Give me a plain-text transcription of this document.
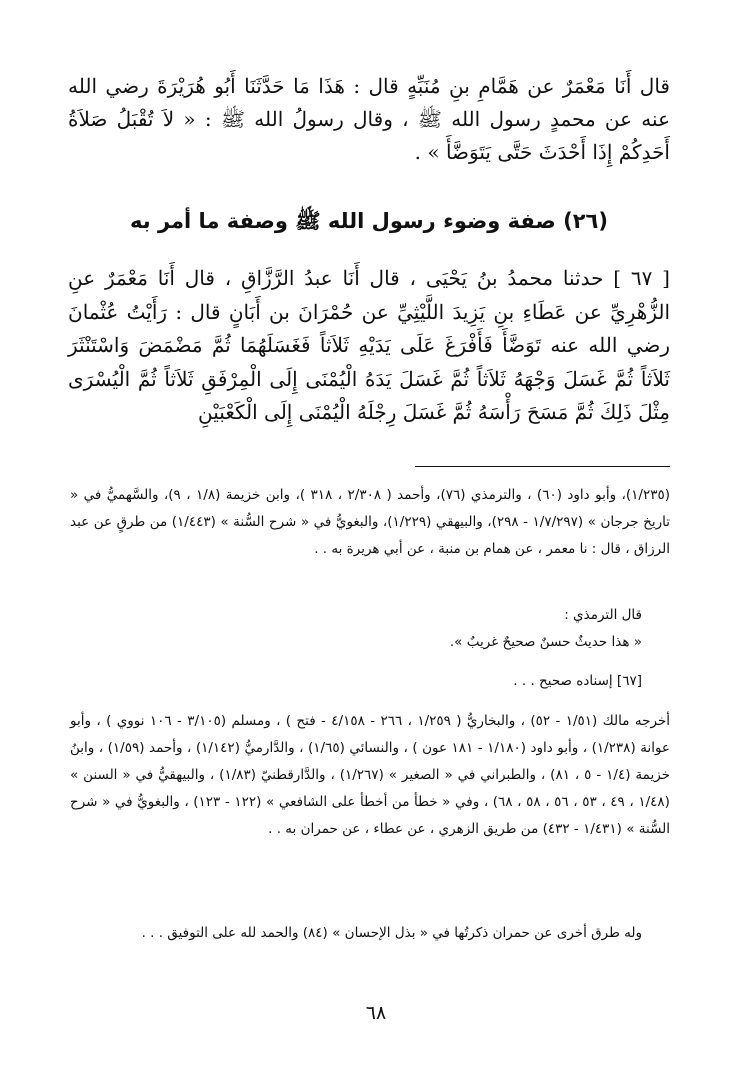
قال أَنَا مَعْمَرٌ عن هَمَّامِ بنِ مُنَبِّهٍ قال : هَذَا مَا حَدَّثَنَا أَبُو هُرَيْرَةَ رضي الله عنه عن محمدٍ رسول الله ﷺ ، وقال رسولُ الله ﷺ : « لاَ تُقْبَلُ صَلاَةُ أَحَدِكُمْ إِذَا أَحْدَثَ حَتَّى يَتَوَضَّأَ » .

(٢٦) صفة وضوء رسول الله ﷺ وصفة ما أمر به

[ ٦٧ ] حدثنا محمدُ بنُ يَحْيَى ، قال أَنَا عبدُ الرَّزَّاقِ ، قال أَنَا مَعْمَرٌ عنِ الزُّهْرِيِّ عن عَطَاءِ بنِ يَزِيدَ اللَّيْثِيِّ عن حُمْرَانَ بن أَبَانٍ قال : رَأَيْتُ عُثْمانَ رضي الله عنه تَوَضَّأَ فَأَفْرَغَ عَلَى يَدَيْهِ ثَلاَثاً فَغَسَلَهُمَا ثُمَّ مَضْمَضَ وَاسْتَنْثَرَ ثَلاَثاً ثُمَّ غَسَلَ وَجْهَهُ ثَلاَثاً ثُمَّ غَسَلَ يَدَهُ الْيُمْنَى إِلَى الْمِرْفَقِ ثَلاَثاً ثُمَّ الْيُسْرَى مِثْلَ ذَلِكَ ثُمَّ مَسَحَ رَأْسَهُ ثُمَّ غَسَلَ رِجْلَهُ الْيُمْنَى إِلَى الْكَعْبَيْنِ

(١/٢٣٥)، وأبو داود (٦٠) ، والترمذي (٧٦)، وأحمد ( ٢/٣٠٨ ، ٣١٨ )، وابن خزيمة (١/٨ ، ٩)، والسَّهميُّ في « تاريخ جرجان » (١/٧/٢٩٧ - ٢٩٨)، والبيهقي (١/٢٢٩)، والبغويُّ في « شرح السُّنة » (١/٤٤٣) من طرقٍ عن عبد الرزاق ، قال : نا معمر ، عن همام بن منبة ، عن أبي هريرة به . .

قال الترمذي :

« هذا حديثٌ حسنٌ صحيحٌ غريبٌ ».

[٦٧] إسناده صحيح . . .

أخرجه مالك (١/٥١ - ٥٢) ، والبخاريُّ ( ١/٢٥٩ ، ٢٦٦ - ٤/١٥٨ - فتح ) ، ومسلم (٣/١٠٥ - ١٠٦ نووي ) ، وأبو عوانة (١/٢٣٨) ، وأبو داود (١/١٨٠ - ١٨١ عون ) ، والنسائي (١/٦٥) ، والدَّارميُّ (١/١٤٢) ، وأحمد (١/٥٩) ، وابنُ خزيمة (١/٤ - ٥ ، ٨١) ، والطبراني في « الصغير » (١/٢٦٧) ، والدَّارقطنيّ (١/٨٣) ، والبيهقيُّ في « السنن » (١/٤٨ ، ٤٩ ، ٥٣ ، ٥٦ ، ٥٨ ، ٦٨) ، وفي « خطأ من أخطأ على الشافعي » (١٢٢ - ١٢٣) ، والبغويُّ في « شرح السُّنة » (١/٤٣١ - ٤٣٢) من طريق الزهري ، عن عطاء ، عن حمران به . .

وله طرق أخرى عن حمران ذكرتُها في « بذل الإحسان » (٨٤) والحمد لله على التوفيق . . .

٦٨
